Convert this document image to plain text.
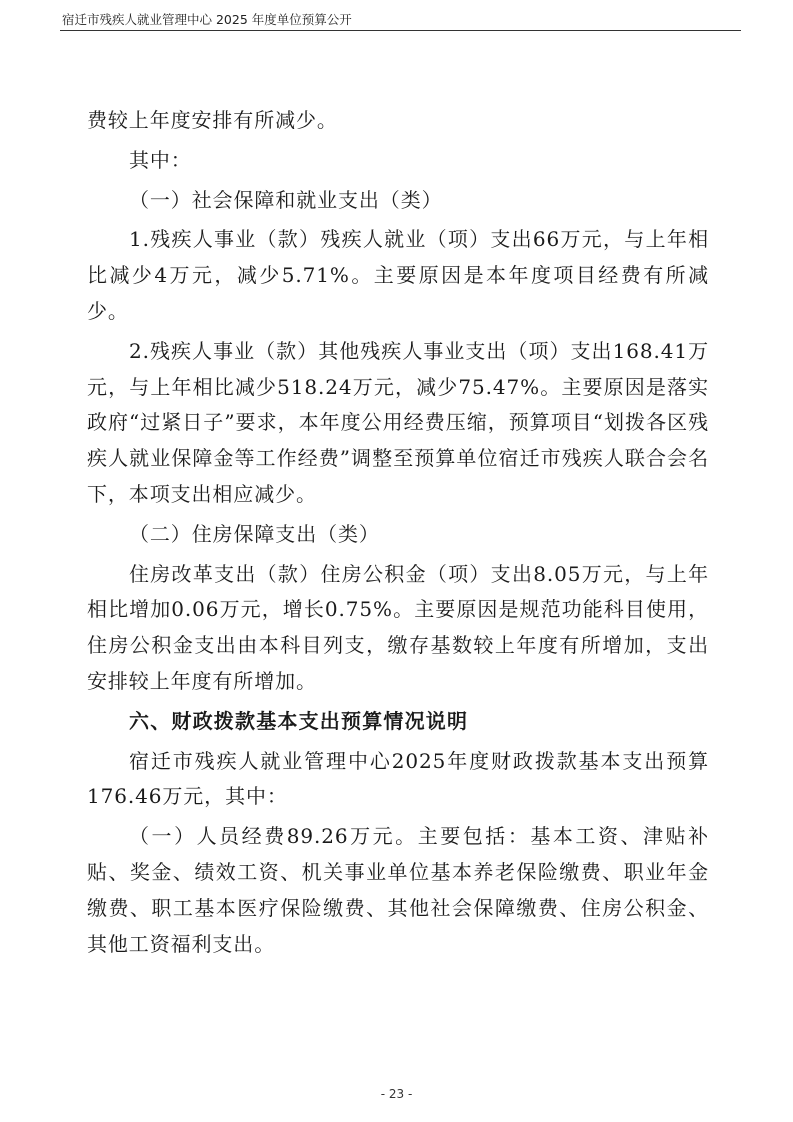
宿迁市残疾人就业管理中心 2025 年度单位预算公开

费较上年度安排有所减少。

其中：

（一）社会保障和就业支出（类）

1.残疾人事业（款）残疾人就业（项）支出66万元，与上年相比减少4万元，减少5.71%。主要原因是本年度项目经费有所减少。

2.残疾人事业（款）其他残疾人事业支出（项）支出168.41万元，与上年相比减少518.24万元，减少75.47%。主要原因是落实政府“过紧日子”要求，本年度公用经费压缩，预算项目“划拨各区残疾人就业保障金等工作经费”调整至预算单位宿迁市残疾人联合会名下，本项支出相应减少。

（二）住房保障支出（类）

住房改革支出（款）住房公积金（项）支出8.05万元，与上年相比增加0.06万元，增长0.75%。主要原因是规范功能科目使用，住房公积金支出由本科目列支，缴存基数较上年度有所增加，支出安排较上年度有所增加。

六、财政拨款基本支出预算情况说明

宿迁市残疾人就业管理中心2025年度财政拨款基本支出预算176.46万元，其中：

（一）人员经费89.26万元。主要包括：基本工资、津贴补贴、奖金、绩效工资、机关事业单位基本养老保险缴费、职业年金缴费、职工基本医疗保险缴费、其他社会保障缴费、住房公积金、其他工资福利支出。

- 23 -
